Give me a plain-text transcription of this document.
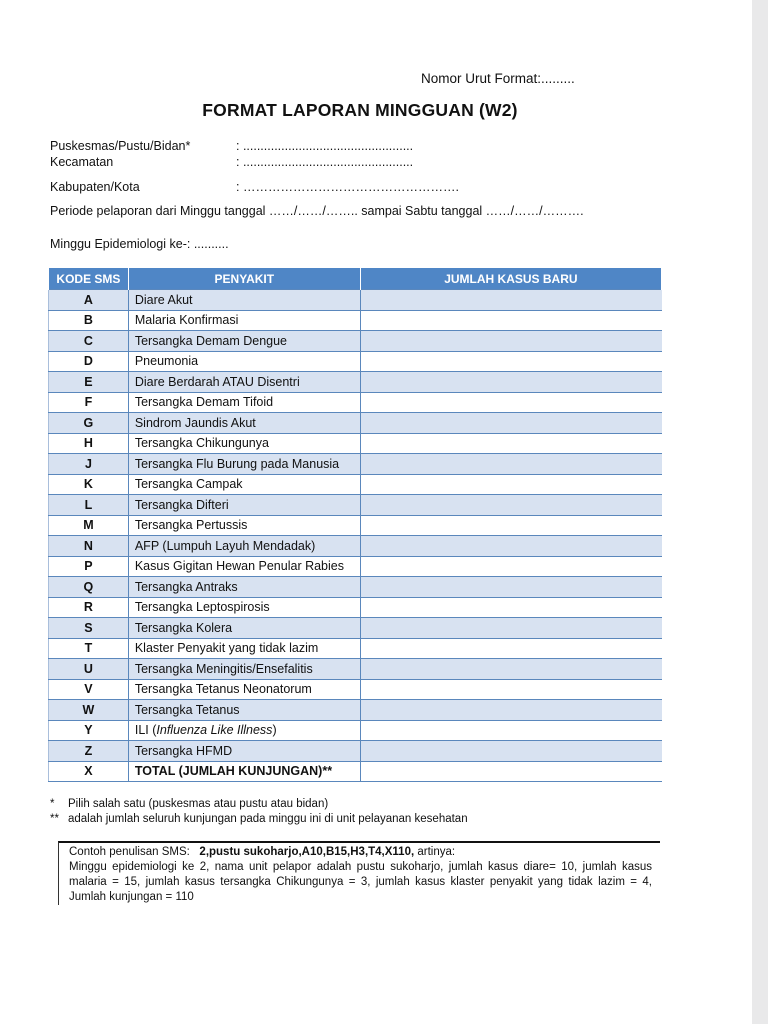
Nomor Urut Format:.........
FORMAT LAPORAN MINGGUAN (W2)
Puskesmas/Pustu/Bidan*	: .................................................
Kecamatan	: .................................................
Kabupaten/Kota	: …………………………………………….
Periode pelaporan dari Minggu tanggal ……/……/…….. sampai Sabtu tanggal ……/……/……….
Minggu Epidemiologi ke-: ..........
KODE SMS	PENYAKIT	JUMLAH KASUS BARU
A	Diare Akut	
B	Malaria Konfirmasi	
C	Tersangka Demam Dengue	
D	Pneumonia	
E	Diare Berdarah ATAU Disentri	
F	Tersangka Demam Tifoid	
G	Sindrom Jaundis Akut	
H	Tersangka Chikungunya	
J	Tersangka Flu Burung pada Manusia	
K	Tersangka Campak	
L	Tersangka Difteri	
M	Tersangka Pertussis	
N	AFP (Lumpuh Layuh Mendadak)	
P	Kasus Gigitan Hewan Penular Rabies	
Q	Tersangka Antraks	
R	Tersangka Leptospirosis	
S	Tersangka Kolera	
T	Klaster Penyakit yang tidak lazim	
U	Tersangka Meningitis/Ensefalitis	
V	Tersangka Tetanus Neonatorum	
W	Tersangka Tetanus	
Y	ILI (Influenza Like Illness)	
Z	Tersangka HFMD	
X	TOTAL (JUMLAH KUNJUNGAN)**	
*	Pilih salah satu (puskesmas atau pustu atau bidan)
** adalah jumlah seluruh kunjungan pada minggu ini di unit pelayanan kesehatan
Contoh penulisan SMS: 2,pustu sukoharjo,A10,B15,H3,T4,X110, artinya:
Minggu epidemiologi ke 2, nama unit pelapor adalah pustu sukoharjo, jumlah kasus diare= 10, jumlah kasus malaria = 15, jumlah kasus tersangka Chikungunya = 3, jumlah kasus klaster penyakit yang tidak lazim = 4, Jumlah kunjungan = 110
